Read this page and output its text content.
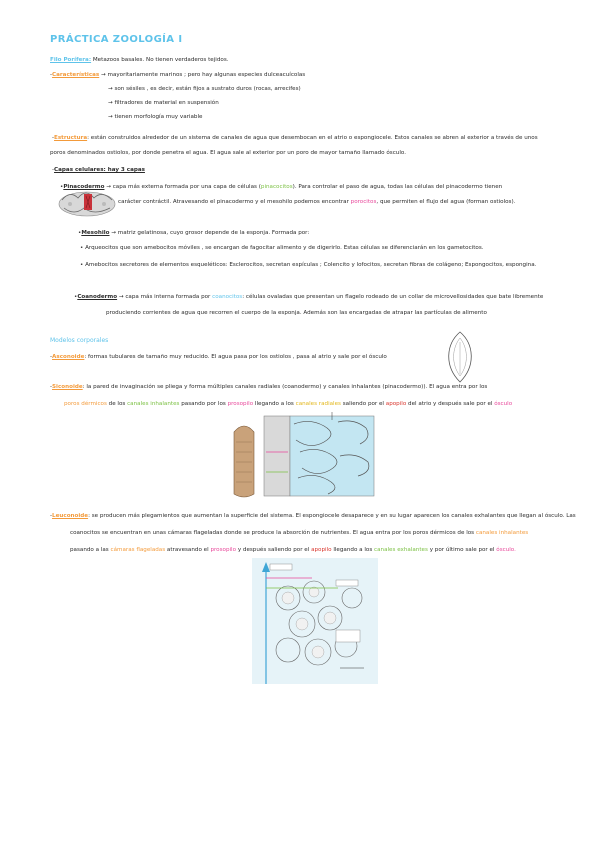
PRÁCTICA ZOOLOGÍA I
Filo Porífera: Metazoos basales. No tienen verdaderos tejidos.
-Características → mayoritariamente marinos ; pero hay algunas especies dulceacuícolas
→ son sésiles , es decir, están fijos a sustrato duros (rocas, arrecifes)
→ filtradores de material en suspensión
→ tienen morfología muy variable
-Estructura: están construidos alrededor de un sistema de canales de agua que desembocan en el atrio o espongiocele. Estos canales se abren al exterior a través de unos
poros denominados ostiolos, por donde penetra el agua. El agua sale al exterior por un poro de mayor tamaño llamado ósculo.
-Capas celulares: hay 3 capas
•Pinacodermo → capa más externa formada por una capa de células (pinacocitos). Para controlar el paso de agua, todas las células del pinacodermo tienen
carácter contráctil. Atravesando el pinacodermo y el mesohilo podemos encontrar porocitos, que permiten el flujo del agua (forman ostiolos).
•Mesohilo → matriz gelatinosa, cuyo grosor depende de la esponja. Formada por:
• Arqueocitos que son amebocitos móviles , se encargan de fagocitar alimento y de digerirlo. Estas células se diferenciarán en los gametocitos.
• Amebocitos secretores de elementos esqueléticos: Esclerocitos, secretan espículas ; Colencito y lofocitos, secretan fibras de colágeno; Espongocitos, espongina.
•Coanodermo → capa más interna formada por coanocitos: células ovaladas que presentan un flagelo rodeado de un collar de microvellosidades que bate libremente
produciendo corrientes de agua que recorren el cuerpo de la esponja. Además son las encargadas de atrapar las partículas de alimento
Modelos corporales
-Asconoide: formas tubulares de tamaño muy reducido. El agua pasa por los ostiolos , pasa al atrio y sale por el ósculo
-Siconoide: la pared de invaginación se pliega y forma múltiples canales radiales (coanodermo) y canales inhalantes (pinacodermo)). El agua entra por los
poros dérmicos de los canales inhalantes pasando por los prosopilo llegando a los canales radiales saliendo por el apopilo del atrio y después sale por el ósculo
-Leuconoide: se producen más plegamientos que aumentan la superficie del sistema. El espongiocele desaparece y en su lugar aparecen los canales exhalantes que llegan al ósculo. Las
coanocitos se encuentran en unas cámaras flageladas donde se produce la absorción de nutrientes. El agua entra por los poros dérmicos de los canales inhalantes
pasando a las cámaras flageladas atravesando el prosopilo y después saliendo por el apopilo llegando a los canales exhalantes y por último sale por el ósculo.
